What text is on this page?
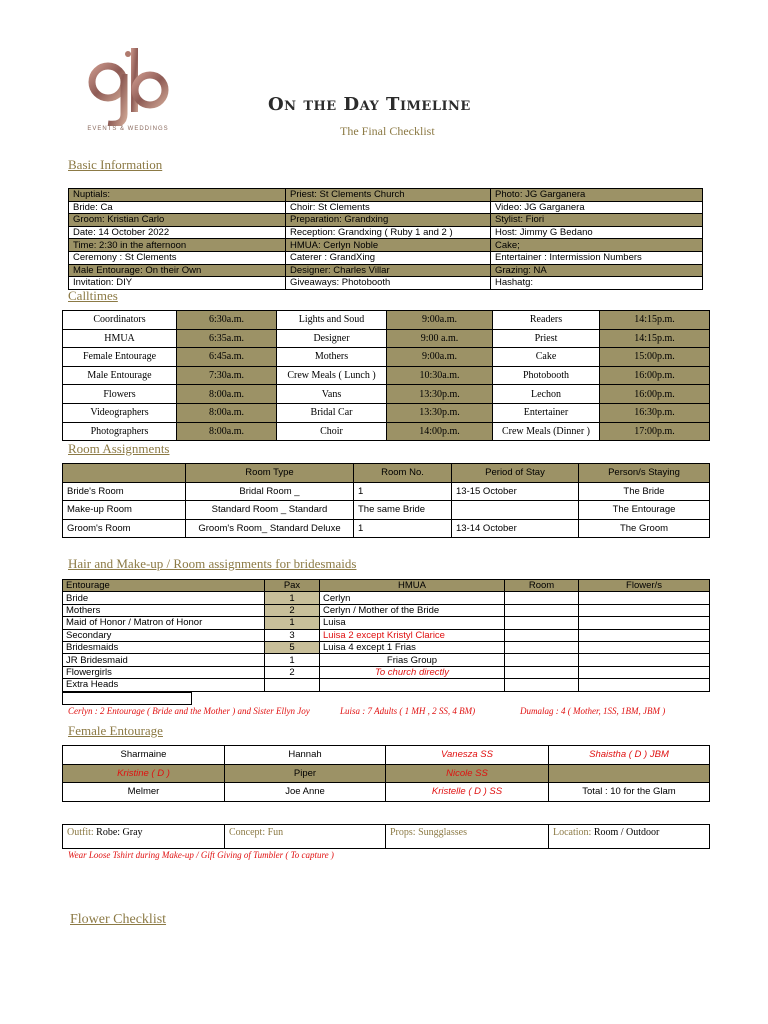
EVENTS & WEDDINGS
On the Day Timeline
The Final Checklist
Basic Information
Nuptials:	Priest: St Clements Church	Photo: JG Garganera
Bride: Ca	Choir: St Clements	Video: JG Garganera
Groom: Kristian Carlo	Preparation: Grandxing	Stylist: Fiori
Date: 14 October 2022	Reception: Grandxing ( Ruby 1 and 2 )	Host: Jimmy G Bedano
Time: 2:30 in the afternoon	HMUA: Cerlyn Noble	Cake;
Ceremony : St Clements	Caterer : GrandXing	Entertainer : Intermission Numbers
Male Entourage: On their Own	Designer: Charles Villar	Grazing: NA
Invitation: DIY	Giveaways: Photobooth	Hashatg:
Calltimes
Coordinators	6:30a.m.	Lights and Soud	9:00a.m.	Readers	14:15p.m.
HMUA	6:35a.m.	Designer	9:00 a.m.	Priest	14:15p.m.
Female Entourage	6:45a.m.	Mothers	9:00a.m.	Cake	15:00p.m.
Male Entourage	7:30a.m.	Crew Meals ( Lunch )	10:30a.m.	Photobooth	16:00p.m.
Flowers	8:00a.m.	Vans	13:30p.m.	Lechon	16:00p.m.
Videographers	8:00a.m.	Bridal Car	13:30p.m.	Entertainer	16:30p.m.
Photographers	8:00a.m.	Choir	14:00p.m.	Crew Meals (Dinner )	17:00p.m.
Room Assignments
	Room Type	Room No.	Period of Stay	Person/s Staying
Bride's Room	Bridal Room _	1	13-15 October	The Bride
Make-up Room	Standard Room _ Standard	The same Bride		The Entourage
Groom's Room	Groom's Room_ Standard Deluxe	1	13-14 October	The Groom
Hair and Make-up / Room assignments for bridesmaids
Entourage	Pax	HMUA	Room	Flower/s
Bride	1	Cerlyn		
Mothers	2	Cerlyn / Mother of the Bride		
Maid of Honor / Matron of Honor	1	Luisa		
Secondary	3	Luisa 2 except Kristyl Clarice		
Bridesmaids	5	Luisa 4 except 1 Frias		
JR Bridesmaid	1	Frias Group		
Flowergirls	2	To church directly		
Extra Heads				
Cerlyn : 2 Entourage ( Bride and the Mother ) and Sister Ellyn Joy	Luisa : 7 Adults ( 1 MH , 2 SS, 4 BM)	Dumalag : 4 ( Mother, 1SS, 1BM, JBM )
Female Entourage
Sharmaine	Hannah	Vanesza SS	Shaistha ( D ) JBM
Kristine ( D )	Piper	Nicole SS	
Melmer	Joe Anne	Kristelle ( D ) SS	Total : 10 for the Glam
Outfit: Robe: Gray	Concept: Fun	Props: Sungglasses	Location: Room / Outdoor
Wear Loose Tshirt during Make-up / Gift Giving of Tumbler ( To capture )
Flower Checklist
